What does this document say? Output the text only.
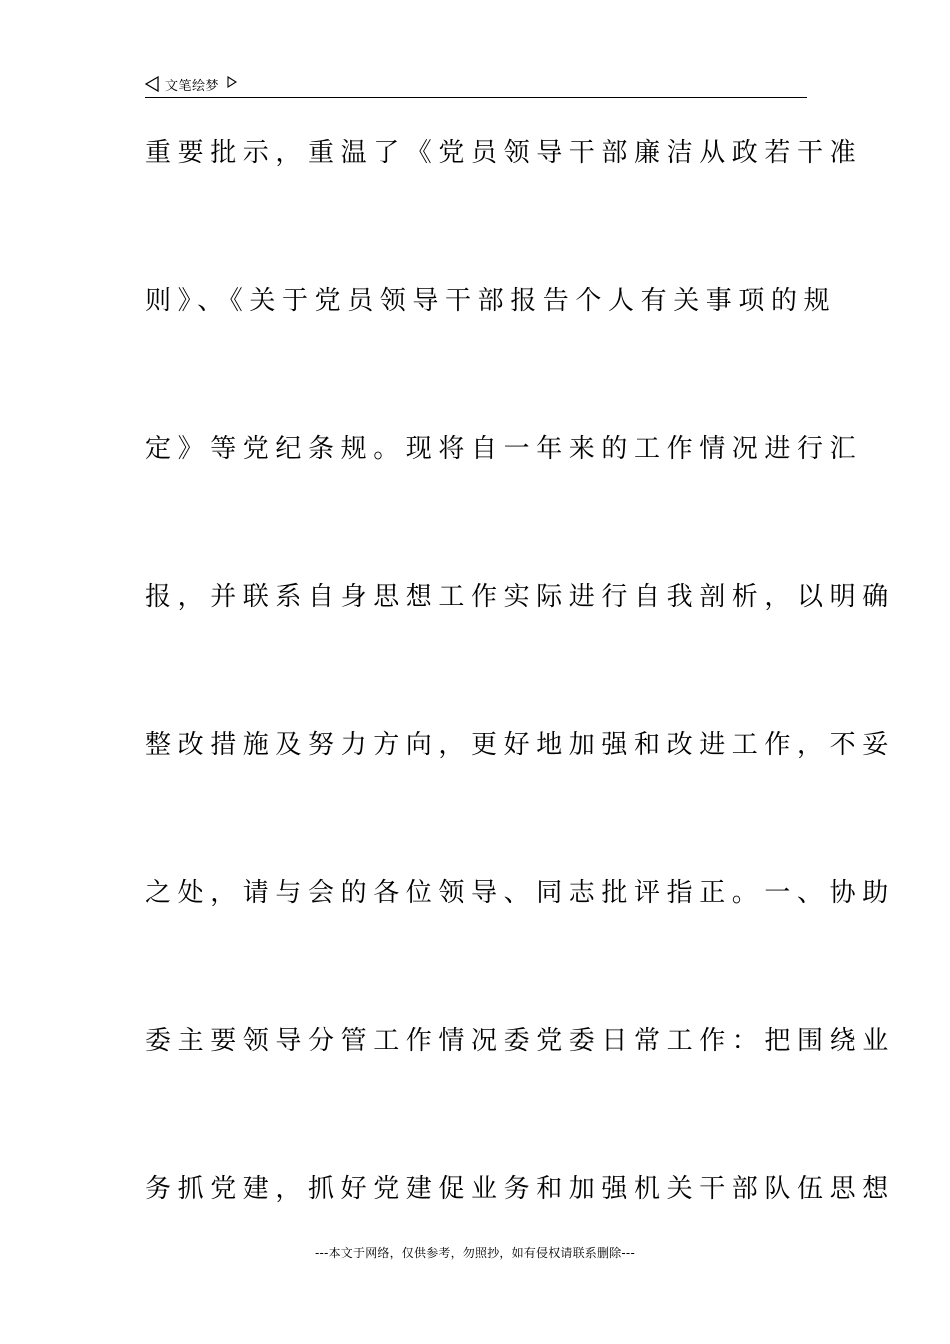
文笔绘梦
重要批示，重温了《党员领导干部廉洁从政若干准
则》、《关于党员领导干部报告个人有关事项的规
定》等党纪条规。现将自一年来的工作情况进行汇
报，并联系自身思想工作实际进行自我剖析，以明确
整改措施及努力方向，更好地加强和改进工作，不妥
之处，请与会的各位领导、同志批评指正。一、协助
委主要领导分管工作情况委党委日常工作：把围绕业
务抓党建，抓好党建促业务和加强机关干部队伍思想
---本文于网络，仅供参考，勿照抄，如有侵权请联系删除---
